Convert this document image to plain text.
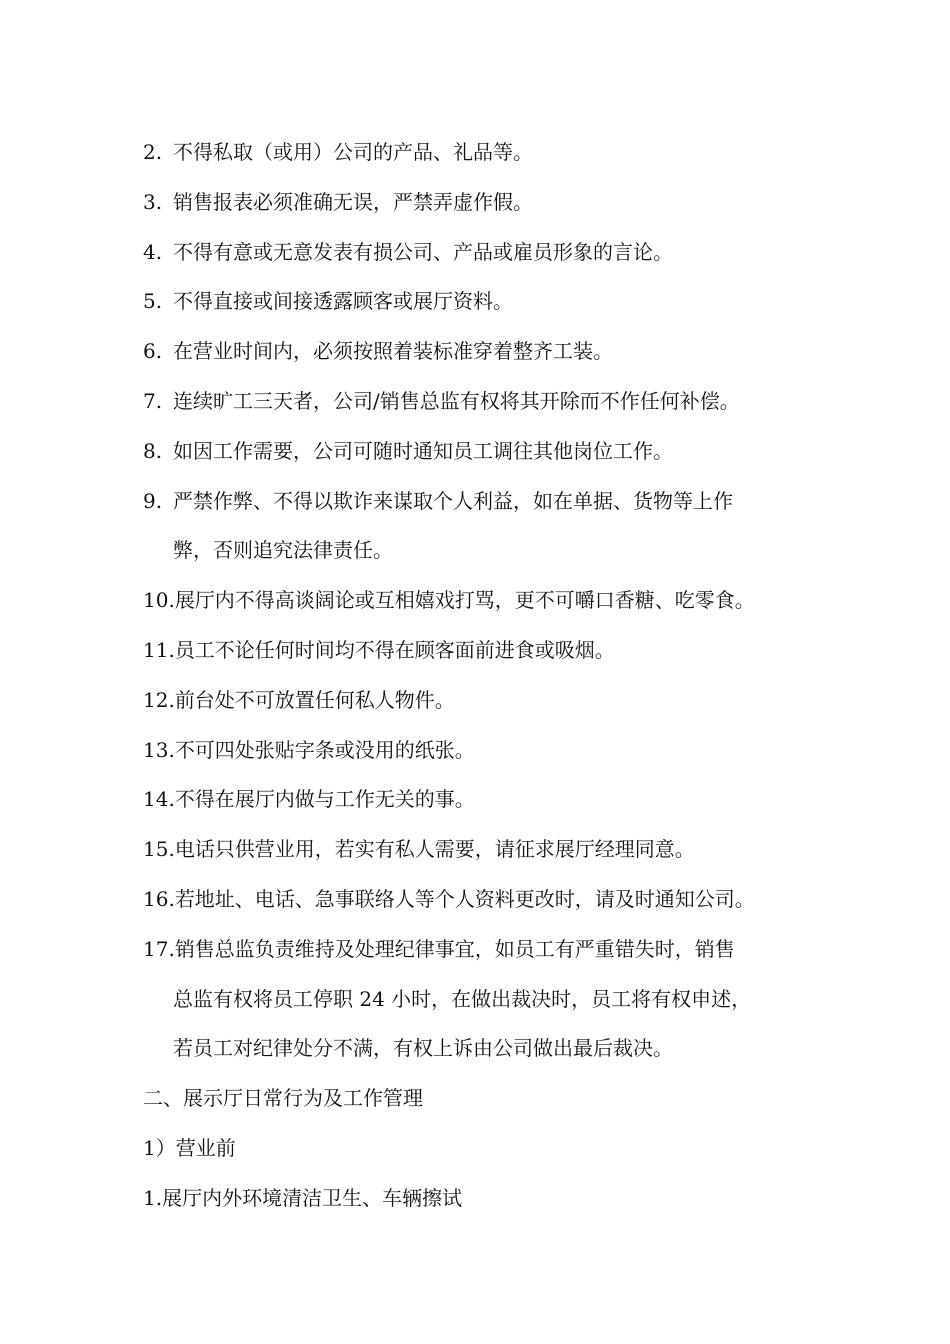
2. 不得私取（或用）公司的产品、礼品等。
3. 销售报表必须准确无误，严禁弄虚作假。
4. 不得有意或无意发表有损公司、产品或雇员形象的言论。
5. 不得直接或间接透露顾客或展厅资料。
6. 在营业时间内，必须按照着装标准穿着整齐工装。
7. 连续旷工三天者，公司/销售总监有权将其开除而不作任何补偿。
8. 如因工作需要，公司可随时通知员工调往其他岗位工作。
9. 严禁作弊、不得以欺诈来谋取个人利益，如在单据、货物等上作
弊，否则追究法律责任。
10.展厅内不得高谈阔论或互相嬉戏打骂，更不可嚼口香糖、吃零食。
11.员工不论任何时间均不得在顾客面前进食或吸烟。
12.前台处不可放置任何私人物件。
13.不可四处张贴字条或没用的纸张。
14.不得在展厅内做与工作无关的事。
15.电话只供营业用，若实有私人需要，请征求展厅经理同意。
16.若地址、电话、急事联络人等个人资料更改时，请及时通知公司。
17.销售总监负责维持及处理纪律事宜，如员工有严重错失时，销售
总监有权将员工停职 24 小时，在做出裁决时，员工将有权申述，
若员工对纪律处分不满，有权上诉由公司做出最后裁决。
二、展示厅日常行为及工作管理
1）营业前
1.展厅内外环境清洁卫生、车辆擦试
